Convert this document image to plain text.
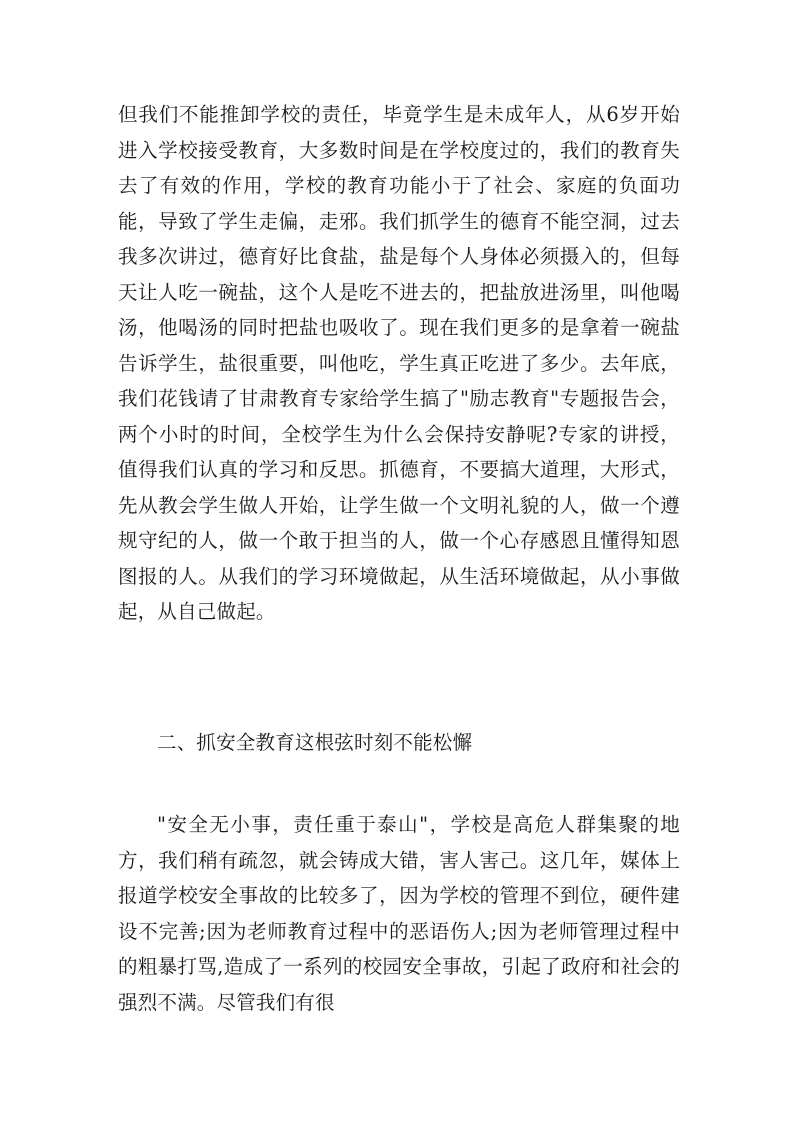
但我们不能推卸学校的责任，毕竟学生是未成年人，从6岁开始进入学校接受教育，大多数时间是在学校度过的，我们的教育失去了有效的作用，学校的教育功能小于了社会、家庭的负面功能，导致了学生走偏，走邪。我们抓学生的德育不能空洞，过去我多次讲过，德育好比食盐，盐是每个人身体必须摄入的，但每天让人吃一碗盐，这个人是吃不进去的，把盐放进汤里，叫他喝汤，他喝汤的同时把盐也吸收了。现在我们更多的是拿着一碗盐告诉学生，盐很重要，叫他吃，学生真正吃进了多少。去年底，我们花钱请了甘肃教育专家给学生搞了"励志教育"专题报告会，两个小时的时间，全校学生为什么会保持安静呢?专家的讲授，值得我们认真的学习和反思。抓德育，不要搞大道理，大形式，先从教会学生做人开始，让学生做一个文明礼貌的人，做一个遵规守纪的人，做一个敢于担当的人，做一个心存感恩且懂得知恩图报的人。从我们的学习环境做起，从生活环境做起，从小事做起，从自己做起。

二、抓安全教育这根弦时刻不能松懈

"安全无小事，责任重于泰山"，学校是高危人群集聚的地方，我们稍有疏忽，就会铸成大错，害人害己。这几年，媒体上报道学校安全事故的比较多了，因为学校的管理不到位，硬件建设不完善;因为老师教育过程中的恶语伤人;因为老师管理过程中的粗暴打骂,造成了一系列的校园安全事故，引起了政府和社会的强烈不满。尽管我们有很
